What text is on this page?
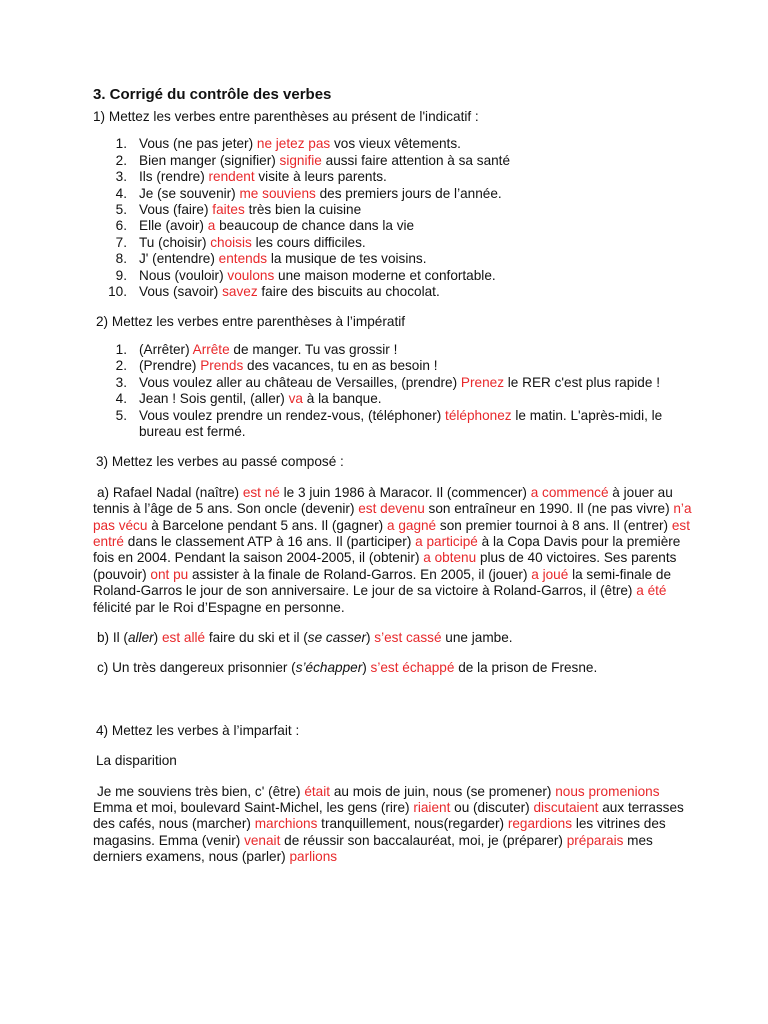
3. Corrigé du contrôle des verbes

1) Mettez les verbes entre parenthèses au présent de l'indicatif :

1. Vous (ne pas jeter) ne jetez pas vos vieux vêtements.
2. Bien manger (signifier) signifie aussi faire attention à sa santé
3. Ils (rendre) rendent visite à leurs parents.
4. Je (se souvenir) me souviens des premiers jours de l’année.
5. Vous (faire) faites très bien la cuisine
6. Elle (avoir) a beaucoup de chance dans la vie
7. Tu (choisir) choisis les cours difficiles.
8. J' (entendre) entends la musique de tes voisins.
9. Nous (vouloir) voulons une maison moderne et confortable.
10. Vous (savoir) savez faire des biscuits au chocolat.

2) Mettez les verbes entre parenthèses à l’impératif

1. (Arrêter) Arrête de manger. Tu vas grossir !
2. (Prendre) Prends des vacances, tu en as besoin !
3. Vous voulez aller au château de Versailles, (prendre) Prenez le RER c'est plus rapide !
4. Jean ! Sois gentil, (aller) va à la banque.
5. Vous voulez prendre un rendez-vous, (téléphoner) téléphonez le matin. L'après-midi, le bureau est fermé.

3) Mettez les verbes au passé composé :

a) Rafael Nadal (naître) est né le 3 juin 1986 à Maracor. Il (commencer) a commencé à jouer au tennis à l’âge de 5 ans. Son oncle (devenir) est devenu son entraîneur en 1990. Il (ne pas vivre) n’a pas vécu à Barcelone pendant 5 ans. Il (gagner) a gagné son premier tournoi à 8 ans. Il (entrer) est entré dans le classement ATP à 16 ans. Il (participer) a participé à la Copa Davis pour la première fois en 2004. Pendant la saison 2004-2005, il (obtenir) a obtenu plus de 40 victoires. Ses parents (pouvoir) ont pu assister à la finale de Roland-Garros. En 2005, il (jouer) a joué la semi-finale de Roland-Garros le jour de son anniversaire. Le jour de sa victoire à Roland-Garros, il (être) a été félicité par le Roi d’Espagne en personne.

b) Il (aller) est allé faire du ski et il (se casser) s’est cassé une jambe.

c) Un très dangereux prisonnier (s’échapper) s’est échappé de la prison de Fresne.

4) Mettez les verbes à l’imparfait :

La disparition

Je me souviens très bien, c' (être) était au mois de juin, nous (se promener) nous promenions Emma et moi, boulevard Saint-Michel, les gens (rire) riaient ou (discuter) discutaient aux terrasses des cafés, nous (marcher) marchions tranquillement, nous(regarder) regardions les vitrines des magasins. Emma (venir) venait de réussir son baccalauréat, moi, je (préparer) préparais mes derniers examens, nous (parler) parlions
